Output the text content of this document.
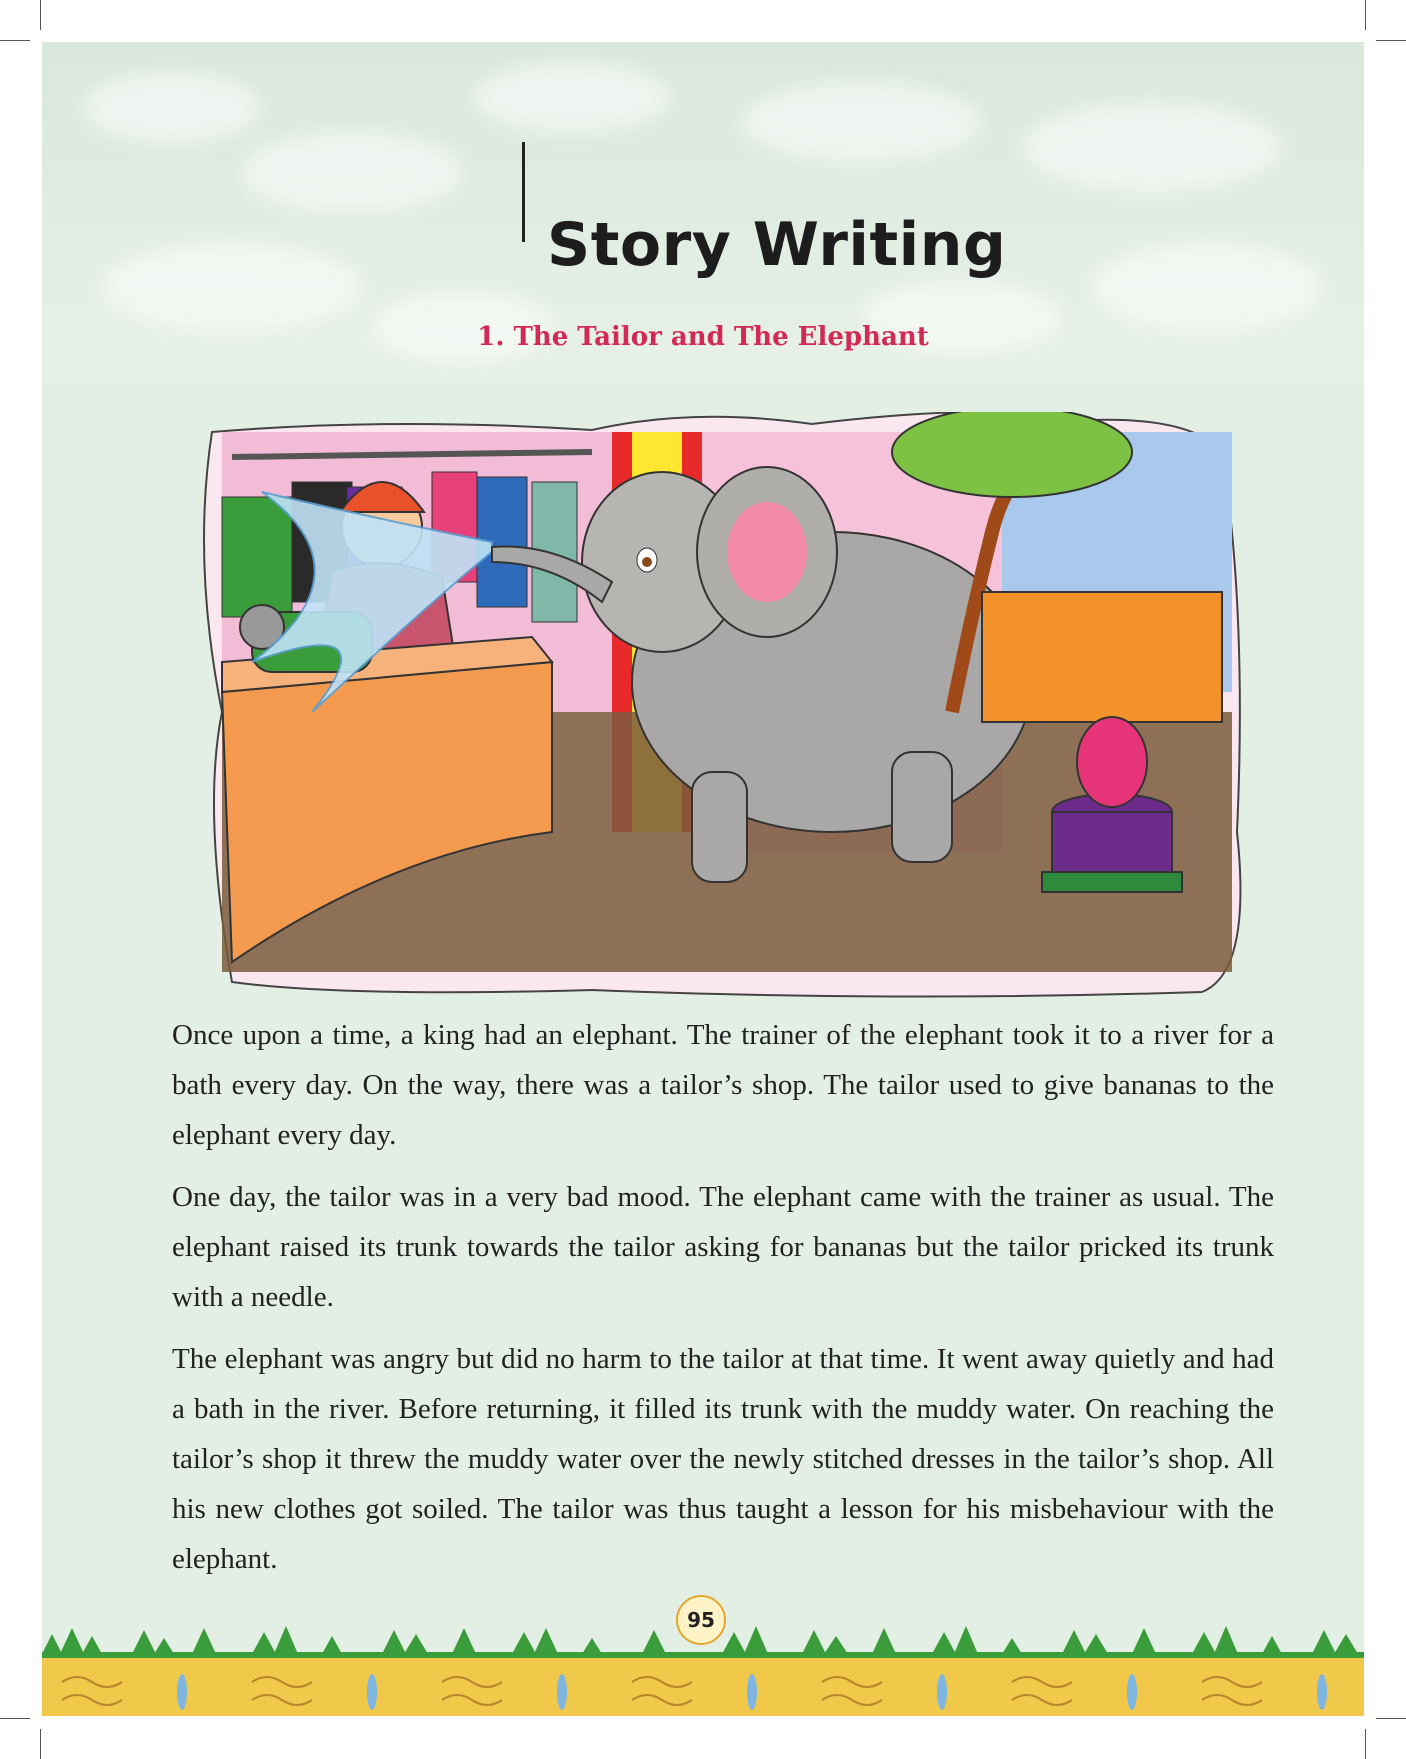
Story Writing
1. The Tailor and The Elephant

Once upon a time, a king had an elephant. The trainer of the elephant took it to a river for a bath every day. On the way, there was a tailor’s shop. The tailor used to give bananas to the elephant every day.

One day, the tailor was in a very bad mood. The elephant came with the trainer as usual. The elephant raised its trunk towards the tailor asking for bananas but the tailor pricked its trunk with a needle.

The elephant was angry but did no harm to the tailor at that time. It went away quietly and had a bath in the river. Before returning, it filled its trunk with the muddy water. On reaching the tailor’s shop it threw the muddy water over the newly stitched dresses in the tailor’s shop. All his new clothes got soiled. The tailor was thus taught a lesson for his misbehaviour with the elephant.

95
